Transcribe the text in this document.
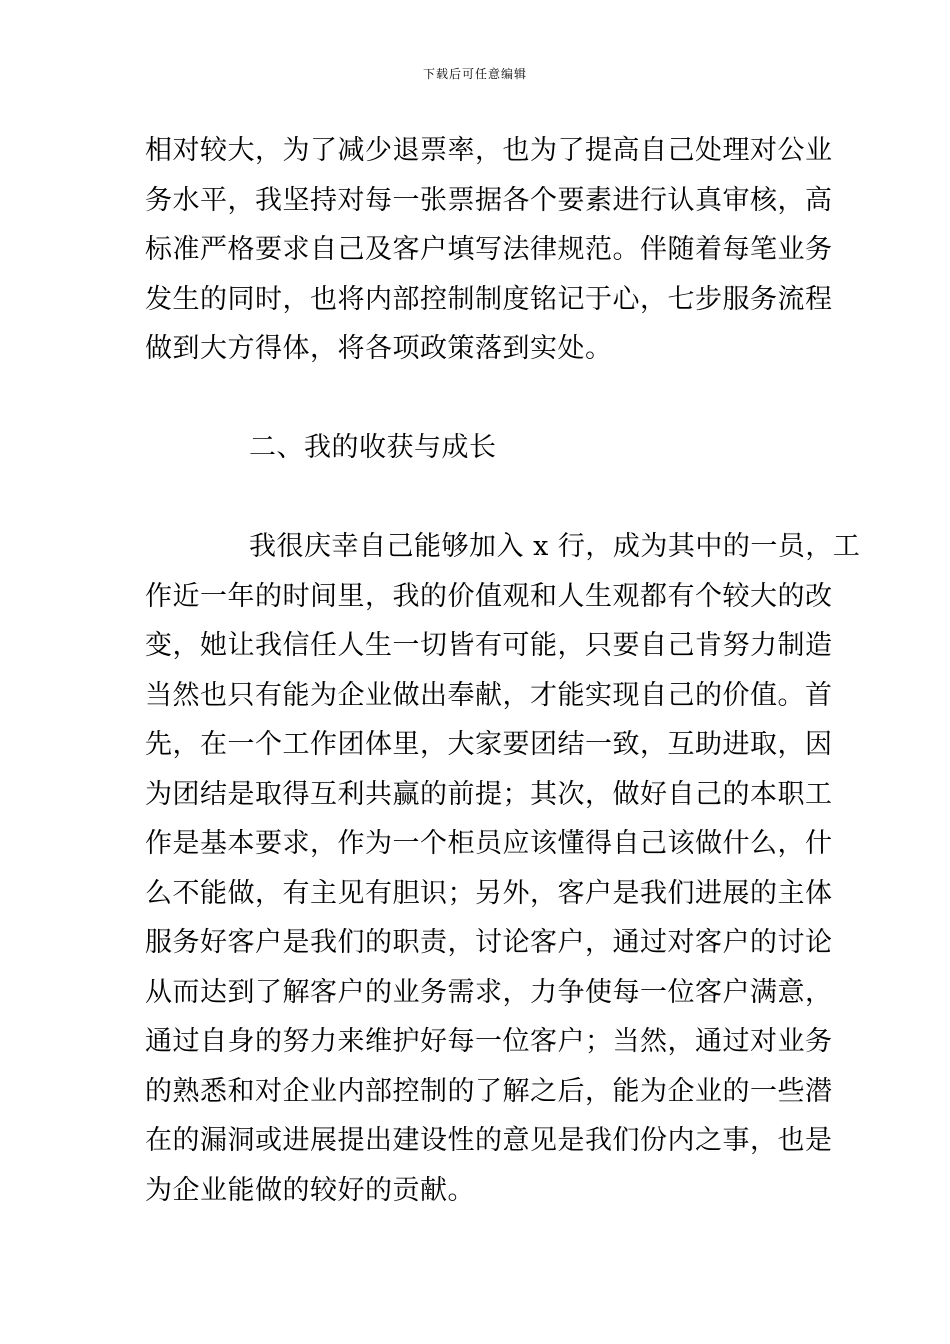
下载后可任意编辑
相对较大，为了减少退票率，也为了提高自己处理对公业
务水平，我坚持对每一张票据各个要素进行认真审核，高
标准严格要求自己及客户填写法律规范。伴随着每笔业务
发生的同时，也将内部控制制度铭记于心，七步服务流程
做到大方得体，将各项政策落到实处。
二、我的收获与成长
我很庆幸自己能够加入 x 行，成为其中的一员，工
作近一年的时间里，我的价值观和人生观都有个较大的改
变，她让我信任人生一切皆有可能，只要自己肯努力制造
当然也只有能为企业做出奉献，才能实现自己的价值。首
先，在一个工作团体里，大家要团结一致，互助进取，因
为团结是取得互利共赢的前提；其次，做好自己的本职工
作是基本要求，作为一个柜员应该懂得自己该做什么，什
么不能做，有主见有胆识；另外，客户是我们进展的主体
服务好客户是我们的职责，讨论客户，通过对客户的讨论
从而达到了解客户的业务需求，力争使每一位客户满意，
通过自身的努力来维护好每一位客户；当然，通过对业务
的熟悉和对企业内部控制的了解之后，能为企业的一些潜
在的漏洞或进展提出建设性的意见是我们份内之事，也是
为企业能做的较好的贡献。
